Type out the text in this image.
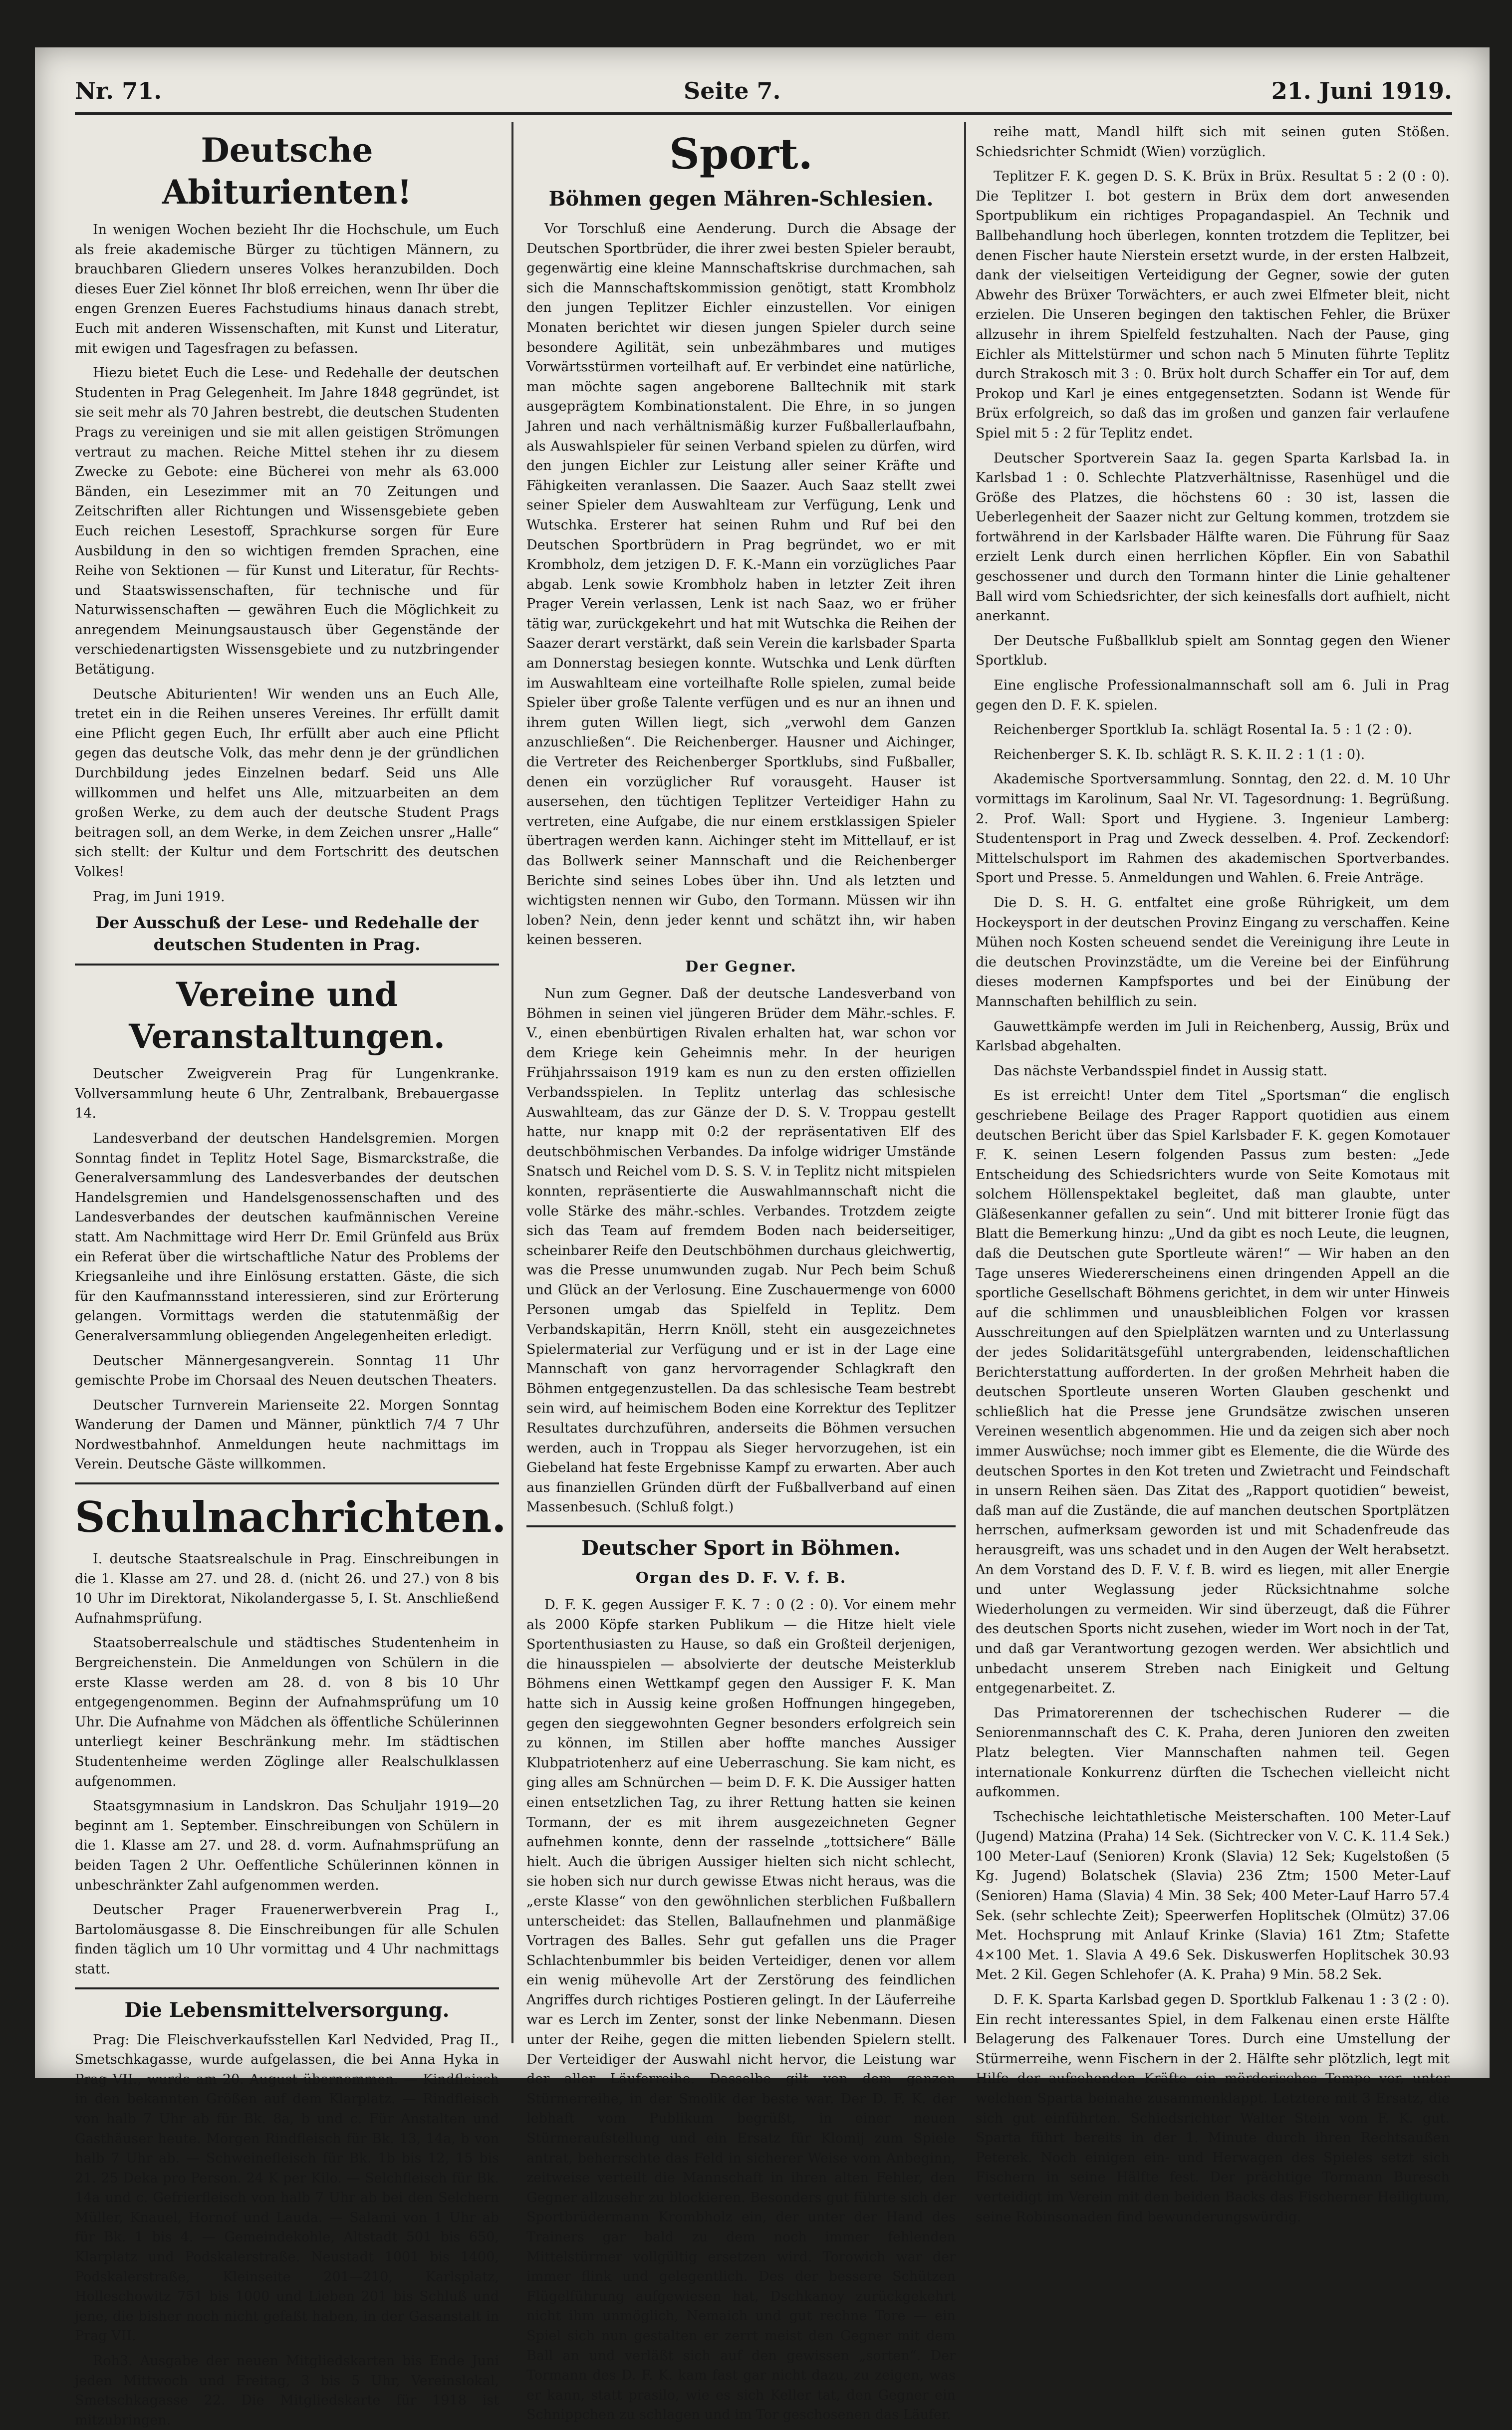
Nr. 71.	Seite 7.	21. Juni 1919.
Deutsche Abiturienten!

In wenigen Wochen bezieht Ihr die Hochschule, um Euch als freie akademische Bürger zu tüchtigen Männern, zu brauchbaren Gliedern unseres Volkes heranzubilden. Doch dieses Euer Ziel könnet Ihr bloß erreichen, wenn Ihr über die engen Grenzen Eueres Fachstudiums hinaus danach strebt, Euch mit anderen Wissenschaften, mit Kunst und Literatur, mit ewigen und Tagesfragen zu befassen.

Hiezu bietet Euch die Lese- und Redehalle der deutschen Studenten in Prag Gelegenheit. Im Jahre 1848 gegründet, ist sie seit mehr als 70 Jahren bestrebt, die deutschen Studenten Prags zu vereinigen und sie mit allen geistigen Strömungen vertraut zu machen. Reiche Mittel stehen ihr zu diesem Zwecke zu Gebote: eine Bücherei von mehr als 63.000 Bänden, ein Lesezimmer mit an 70 Zeitungen und Zeitschriften aller Richtungen und Wissensgebiete geben Euch reichen Lesestoff, Sprachkurse sorgen für Eure Ausbildung in den so wichtigen fremden Sprachen, eine Reihe von Sektionen — für Kunst und Literatur, für Rechts- und Staatswissenschaften, für technische und für Naturwissenschaften — gewähren Euch die Möglichkeit zu anregendem Meinungsaustausch über Gegenstände der verschiedenartigsten Wissensgebiete und zu nutzbringender Betätigung.

Deutsche Abiturienten! Wir wenden uns an Euch Alle, tretet ein in die Reihen unseres Vereines. Ihr erfüllt damit eine Pflicht gegen Euch, Ihr erfüllt aber auch eine Pflicht gegen das deutsche Volk, das mehr denn je der gründlichen Durchbildung jedes Einzelnen bedarf. Seid uns Alle willkommen und helfet uns Alle, mitzuarbeiten an dem großen Werke, zu dem auch der deutsche Student Prags beitragen soll, an dem Werke, in dem Zeichen unsrer „Halle“ sich stellt: der Kultur und dem Fortschritt des deutschen Volkes!

Prag, im Juni 1919.

Der Ausschuß der Lese- und Redehalle der deutschen Studenten in Prag.
Vereine und Veranstaltungen.

Deutscher Zweigverein Prag für Lungenkranke. Vollversammlung heute 6 Uhr, Zentralbank, Brebauergasse 14.

Landesverband der deutschen Handelsgremien. Morgen Sonntag findet in Teplitz Hotel Sage, Bismarckstraße, die Generalversammlung des Landesverbandes der deutschen Handelsgremien und Handelsgenossenschaften und des Landesverbandes der deutschen kaufmännischen Vereine statt. Am Nachmittage wird Herr Dr. Emil Grünfeld aus Brüx ein Referat über die wirtschaftliche Natur des Problems der Kriegsanleihe und ihre Einlösung erstatten. Gäste, die sich für den Kaufmannsstand interessieren, sind zur Erörterung gelangen. Vormittags werden die statutenmäßig der Generalversammlung obliegenden Angelegenheiten erledigt.

Deutscher Männergesangverein. Sonntag 11 Uhr gemischte Probe im Chorsaal des Neuen deutschen Theaters.

Deutscher Turnverein Marienseite 22. Morgen Sonntag Wanderung der Damen und Männer, pünktlich 7/4 7 Uhr Nordwestbahnhof. Anmeldungen heute nachmittags im Verein. Deutsche Gäste willkommen.

Schulnachrichten.

I. deutsche Staatsrealschule in Prag. Einschreibungen in die 1. Klasse am 27. und 28. d. (nicht 26. und 27.) von 8 bis 10 Uhr im Direktorat, Nikolandergasse 5, I. St. Anschließend Aufnahmsprüfung.

Staatsoberrealschule und städtisches Studentenheim in Bergreichenstein. Die Anmeldungen von Schülern in die erste Klasse werden am 28. d. von 8 bis 10 Uhr entgegengenommen. Beginn der Aufnahmsprüfung um 10 Uhr. Die Aufnahme von Mädchen als öffentliche Schülerinnen unterliegt keiner Beschränkung mehr. Im städtischen Studentenheime werden Zöglinge aller Realschulklassen aufgenommen.

Staatsgymnasium in Landskron. Das Schuljahr 1919—20 beginnt am 1. September. Einschreibungen von Schülern in die 1. Klasse am 27. und 28. d. vorm. Aufnahmsprüfung an beiden Tagen 2 Uhr. Oeffentliche Schülerinnen können in unbeschränkter Zahl aufgenommen werden.

Deutscher Prager Frauenerwerbverein Prag I., Bartolomäusgasse 8. Die Einschreibungen für alle Schulen finden täglich um 10 Uhr vormittag und 4 Uhr nachmittags statt.

Die Lebensmittelversorgung.

Prag: Die Fleischverkaufsstellen Karl Nedvided, Prag II., Smetschkagasse, wurde aufgelassen, die bei Anna Hyka in Prag VII., wurde am 20. August übernommen. — Kindfleisch in den bekannten Größen auf dem Klarplatz. — Rindfleisch von halb 7 Uhr ab für Bk. 8a, b und c. Für Anstalten und Gasthäuser heute. Morgen Rindfleisch für Bk. 13, 14a, b von halb 7 Uhr ab. — Schweinefleisch für Bk. 1b bis 12, 15 bis 21. 25 Deka pro Person. 24 K per Kilo. — Selchfleisch für Bk. 14a und c. Gefrierfleisch von halb 7 Uhr ab bei den Selchern Müller, Knauel, Hornof und Lauda. — Salami von 1 Uhr ab für Bk. 1 bis 4. — Gemeindekohle, Altstadt 501 bis 650, Klarplatz und Podskalerstraße. Neustadt 1001 bis 1400, Podskalerstraße, Kleinseite 201—210, Karlsplatz, Holleschowitz 751 bis 1000 und Lieben 201 bis Schluß und jene, die bisher noch nicht gefaßt haben, in der Gasanstalt in Prag VII.

Roh3. Ausgabe der neuen Mitgliedskarten bis Ende Juni jeden Mittwoch und Freitag, 3 bis 5 Uhr, Vereinslokal, Smetschkagasse 22. Die Mitgliedskarte für 1918 ist mitzubringen.

Sport.
Böhmen gegen Mähren-Schlesien.

Vor Torschluß eine Aenderung. Durch die Absage der Deutschen Sportbrüder, die ihrer zwei besten Spieler beraubt, gegenwärtig eine kleine Mannschaftskrise durchmachen, sah sich die Mannschaftskommission genötigt, statt Krombholz den jungen Teplitzer Eichler einzustellen. Vor einigen Monaten berichtet wir diesen jungen Spieler durch seine besondere Agilität, sein unbezähmbares und mutiges Vorwärtsstürmen vorteilhaft auf. Er verbindet eine natürliche, man möchte sagen angeborene Balltechnik mit stark ausgeprägtem Kombinationstalent. Die Ehre, in so jungen Jahren und nach verhältnismäßig kurzer Fußballerlaufbahn, als Auswahlspieler für seinen Verband spielen zu dürfen, wird den jungen Eichler zur Leistung aller seiner Kräfte und Fähigkeiten veranlassen. Die Saazer. Auch Saaz stellt zwei seiner Spieler dem Auswahlteam zur Verfügung, Lenk und Wutschka. Ersterer hat seinen Ruhm und Ruf bei den Deutschen Sportbrüdern in Prag begründet, wo er mit Krombholz, dem jetzigen D. F. K.-Mann ein vorzügliches Paar abgab. Lenk sowie Krombholz haben in letzter Zeit ihren Prager Verein verlassen, Lenk ist nach Saaz, wo er früher tätig war, zurückgekehrt und hat mit Wutschka die Reihen der Saazer derart verstärkt, daß sein Verein die karlsbader Sparta am Donnerstag besiegen konnte. Wutschka und Lenk dürften im Auswahlteam eine vorteilhafte Rolle spielen, zumal beide Spieler über große Talente verfügen und es nur an ihnen und ihrem guten Willen liegt, sich „verwohl dem Ganzen anzuschließen“. Die Reichenberger. Hausner und Aichinger, die Vertreter des Reichenberger Sportklubs, sind Fußballer, denen ein vorzüglicher Ruf vorausgeht. Hauser ist ausersehen, den tüchtigen Teplitzer Verteidiger Hahn zu vertreten, eine Aufgabe, die nur einem erstklassigen Spieler übertragen werden kann. Aichinger steht im Mittellauf, er ist das Bollwerk seiner Mannschaft und die Reichenberger Berichte sind seines Lobes über ihn. Und als letzten und wichtigsten nennen wir Gubo, den Tormann. Müssen wir ihn loben? Nein, denn jeder kennt und schätzt ihn, wir haben keinen besseren.

Der Gegner.

Nun zum Gegner. Daß der deutsche Landesverband von Böhmen in seinen viel jüngeren Brüder dem Mähr.-schles. F. V., einen ebenbürtigen Rivalen erhalten hat, war schon vor dem Kriege kein Geheimnis mehr. In der heurigen Frühjahrssaison 1919 kam es nun zu den ersten offiziellen Verbandsspielen. In Teplitz unterlag das schlesische Auswahlteam, das zur Gänze der D. S. V. Troppau gestellt hatte, nur knapp mit 0:2 der repräsentativen Elf des deutschböhmischen Verbandes. Da infolge widriger Umstände Snatsch und Reichel vom D. S. S. V. in Teplitz nicht mitspielen konnten, repräsentierte die Auswahlmannschaft nicht die volle Stärke des mähr.-schles. Verbandes. Trotzdem zeigte sich das Team auf fremdem Boden nach beiderseitiger, scheinbarer Reife den Deutschböhmen durchaus gleichwertig, was die Presse unumwunden zugab. Nur Pech beim Schuß und Glück an der Verlosung. Eine Zuschauermenge von 6000 Personen umgab das Spielfeld in Teplitz. Dem Verbandskapitän, Herrn Knöll, steht ein ausgezeichnetes Spielermaterial zur Verfügung und er ist in der Lage eine Mannschaft von ganz hervorragender Schlagkraft den Böhmen entgegenzustellen. Da das schlesische Team bestrebt sein wird, auf heimischem Boden eine Korrektur des Teplitzer Resultates durchzuführen, anderseits die Böhmen versuchen werden, auch in Troppau als Sieger hervorzugehen, ist ein Giebeland hat feste Ergebnisse Kampf zu erwarten. Aber auch aus finanziellen Gründen dürft der Fußballverband auf einen Massenbesuch. (Schluß folgt.)

Deutscher Sport in Böhmen.
Organ des D. F. V. f. B.

D. F. K. gegen Aussiger F. K. 7 : 0 (2 : 0). Vor einem mehr als 2000 Köpfe starken Publikum — die Hitze hielt viele Sportenthusiasten zu Hause, so daß ein Großteil derjenigen, die hinausspielen — absolvierte der deutsche Meisterklub Böhmens einen Wettkampf gegen den Aussiger F. K. Man hatte sich in Aussig keine großen Hoffnungen hingegeben, gegen den sieggewohnten Gegner besonders erfolgreich sein zu können, im Stillen aber hoffte manches Aussiger Klubpatriotenherz auf eine Ueberraschung. Sie kam nicht, es ging alles am Schnürchen — beim D. F. K. Die Aussiger hatten einen entsetzlichen Tag, zu ihrer Rettung hatten sie keinen Tormann, der es mit ihrem ausgezeichneten Gegner aufnehmen konnte, denn der rasselnde „tottsichere“ Bälle hielt. Auch die übrigen Aussiger hielten sich nicht schlecht, sie hoben sich nur durch gewisse Etwas nicht heraus, was die „erste Klasse“ von den gewöhnlichen sterblichen Fußballern unterscheidet: das Stellen, Ballaufnehmen und planmäßige Vortragen des Balles. Sehr gut gefallen uns die Prager Schlachtenbummler bis beiden Verteidiger, denen vor allem ein wenig mühevolle Art der Zerstörung des feindlichen Angriffes durch richtiges Postieren gelingt. In der Läuferreihe war es Lerch im Zenter, sonst der linke Nebenmann. Diesen unter der Reihe, gegen die mitten liebenden Spielern stellt. Der Verteidiger der Auswahl nicht hervor, die Leistung war der aller Läuferreihe. Dasselbe gilt von dem ganzen Stürmerreihe, in der Smolik der beste war. Der D. F. K. der lebhaft vom Publikum begrüßt, in einer neuen Stürmeraufstellung und ein Ersatz für Klomij zum Spiele antrat, beherrschte das Feld in sicherer Weise vom Anbeginn, zeitweise verteilt die Mannschaft in ihren alten Fehler, den Gegner allzusehr zu blockieren. Besonders gut führte sich der Sportbrüdermann Krombholz ein, der unter der Hand des Trainers gar bald zu dem noch immer fehlenden Mittelstürmer vollgültig ersetzen wird. Torowich war der immer flink und gelegentlich. Des der bessere Schützen Flügelführung aufgewiesen hat, Dschkanoy zurückgekehrt nicht ihm unmöglich, Nemaich und gut rechne Tore — ein Spiel sich nun gestalten er zerrt meist den Gegner mit dem Ball an und verläßt sich auf den gewissen „sorten“. Der Tormann des D. F. K. kam fast gar nicht dazu, zu zeigen, was er kann, statt prasilo, wie es sich Keller tat, den Gegner ein Schnippchen zu schlagen und im Tor geschosenen das Läufer.

reihe matt, Mandl hilft sich mit seinen guten Stößen. Schiedsrichter Schmidt (Wien) vorzüglich.

Teplitzer F. K. gegen D. S. K. Brüx in Brüx. Resultat 5 : 2 (0 : 0). Die Teplitzer I. bot gestern in Brüx dem dort anwesenden Sportpublikum ein richtiges Propagandaspiel. An Technik und Ballbehandlung hoch überlegen, konnten trotzdem die Teplitzer, bei denen Fischer haute Nierstein ersetzt wurde, in der ersten Halbzeit, dank der vielseitigen Verteidigung der Gegner, sowie der guten Abwehr des Brüxer Torwächters, er auch zwei Elfmeter bleit, nicht erzielen. Die Unseren begingen den taktischen Fehler, die Brüxer allzusehr in ihrem Spielfeld festzuhalten. Nach der Pause, ging Eichler als Mittelstürmer und schon nach 5 Minuten führte Teplitz durch Strakosch mit 3 : 0. Brüx holt durch Schaffer ein Tor auf, dem Prokop und Karl je eines entgegensetzten. Sodann ist Wende für Brüx erfolgreich, so daß das im großen und ganzen fair verlaufene Spiel mit 5 : 2 für Teplitz endet.

Deutscher Sportverein Saaz Ia. gegen Sparta Karlsbad Ia. in Karlsbad 1 : 0. Schlechte Platzverhältnisse, Rasenhügel und die Größe des Platzes, die höchstens 60 : 30 ist, lassen die Ueberlegenheit der Saazer nicht zur Geltung kommen, trotzdem sie fortwährend in der Karlsbader Hälfte waren. Die Führung für Saaz erzielt Lenk durch einen herrlichen Köpfler. Ein von Sabathil geschossener und durch den Tormann hinter die Linie gehaltener Ball wird vom Schiedsrichter, der sich keinesfalls dort aufhielt, nicht anerkannt.

Der Deutsche Fußballklub spielt am Sonntag gegen den Wiener Sportklub.

Eine englische Professionalmannschaft soll am 6. Juli in Prag gegen den D. F. K. spielen.

Reichenberger Sportklub Ia. schlägt Rosental Ia. 5 : 1 (2 : 0).

Reichenberger S. K. Ib. schlägt R. S. K. II. 2 : 1 (1 : 0).

Akademische Sportversammlung. Sonntag, den 22. d. M. 10 Uhr vormittags im Karolinum, Saal Nr. VI. Tagesordnung: 1. Begrüßung. 2. Prof. Wall: Sport und Hygiene. 3. Ingenieur Lamberg: Studentensport in Prag und Zweck desselben. 4. Prof. Zeckendorf: Mittelschulsport im Rahmen des akademischen Sportverbandes. Sport und Presse. 5. Anmeldungen und Wahlen. 6. Freie Anträge.

Die D. S. H. G. entfaltet eine große Rührigkeit, um dem Hockeysport in der deutschen Provinz Eingang zu verschaffen. Keine Mühen noch Kosten scheuend sendet die Vereinigung ihre Leute in die deutschen Provinzstädte, um die Vereine bei der Einführung dieses modernen Kampfsportes und bei der Einübung der Mannschaften behilflich zu sein.

Gauwettkämpfe werden im Juli in Reichenberg, Aussig, Brüx und Karlsbad abgehalten.

Das nächste Verbandsspiel findet in Aussig statt.

Es ist erreicht! Unter dem Titel „Sportsman“ die englisch geschriebene Beilage des Prager Rapport quotidien aus einem deutschen Bericht über das Spiel Karlsbader F. K. gegen Komotauer F. K. seinen Lesern folgenden Passus zum besten: „Jede Entscheidung des Schiedsrichters wurde von Seite Komotaus mit solchem Höllenspektakel begleitet, daß man glaubte, unter Gläßesenkanner gefallen zu sein“. Und mit bitterer Ironie fügt das Blatt die Bemerkung hinzu: „Und da gibt es noch Leute, die leugnen, daß die Deutschen gute Sportleute wären!“ — Wir haben an den Tage unseres Wiedererscheinens einen dringenden Appell an die sportliche Gesellschaft Böhmens gerichtet, in dem wir unter Hinweis auf die schlimmen und unausbleiblichen Folgen vor krassen Ausschreitungen auf den Spielplätzen warnten und zu Unterlassung der jedes Solidaritätsgefühl untergrabenden, leidenschaftlichen Berichterstattung aufforderten. In der großen Mehrheit haben die deutschen Sportleute unseren Worten Glauben geschenkt und schließlich hat die Presse jene Grundsätze zwischen unseren Vereinen wesentlich abgenommen. Hie und da zeigen sich aber noch immer Auswüchse; noch immer gibt es Elemente, die die Würde des deutschen Sportes in den Kot treten und Zwietracht und Feindschaft in unsern Reihen säen. Das Zitat des „Rapport quotidien“ beweist, daß man auf die Zustände, die auf manchen deutschen Sportplätzen herrschen, aufmerksam geworden ist und mit Schadenfreude das herausgreift, was uns schadet und in den Augen der Welt herabsetzt. An dem Vorstand des D. F. V. f. B. wird es liegen, mit aller Energie und unter Weglassung jeder Rücksichtnahme solche Wiederholungen zu vermeiden. Wir sind überzeugt, daß die Führer des deutschen Sports nicht zusehen, wieder im Wort noch in der Tat, und daß gar Verantwortung gezogen werden. Wer absichtlich und unbedacht unserem Streben nach Einigkeit und Geltung entgegenarbeitet. Z.

Das Primatorerennen der tschechischen Ruderer — die Seniorenmannschaft des C. K. Praha, deren Junioren den zweiten Platz belegten. Vier Mannschaften nahmen teil. Gegen internationale Konkurrenz dürften die Tschechen vielleicht nicht aufkommen.

Tschechische leichtathletische Meisterschaften. 100 Meter-Lauf (Jugend) Matzina (Praha) 14 Sek. (Sichtrecker von V. C. K. 11.4 Sek.) 100 Meter-Lauf (Senioren) Kronk (Slavia) 12 Sek; Kugelstoßen (5 Kg. Jugend) Bolatschek (Slavia) 236 Ztm; 1500 Meter-Lauf (Senioren) Hama (Slavia) 4 Min. 38 Sek; 400 Meter-Lauf Harro 57.4 Sek. (sehr schlechte Zeit); Speerwerfen Hoplitschek (Olmütz) 37.06 Met. Hochsprung mit Anlauf Krinke (Slavia) 161 Ztm; Stafette 4×100 Met. 1. Slavia A 49.6 Sek. Diskuswerfen Hoplitschek 30.93 Met. 2 Kil. Gegen Schlehofer (A. K. Praha) 9 Min. 58.2 Sek.

D. F. K. Sparta Karlsbad gegen D. Sportklub Falkenau 1 : 3 (2 : 0). Ein recht interessantes Spiel, in dem Falkenau einen erste Hälfte Belagerung des Falkenauer Tores. Durch eine Umstellung der Stürmerreihe, wenn Fischern in der 2. Hälfte sehr plötzlich, legt mit Hilfe der aufsehenden Kräfte ein mörderisches Tempo vor, unter welchen Sparta beinahe zusammenklappt. Letztere mit 3 Ersatz, die sich gut einführten. Schiedsrichter Walter Stein vom F. K. gut. Sparta führt bereits in der 1. Minute durch ihren Rechtsaußen Peterek. Noch einigen ein- und Herwagen des Spieles setzt sich Fischern in seine Hälfte fest. Der prächtige Tormann Buresch verteidigt im Verein mit den beiden Backs das Fischerner Heiligtum, seine Robinsonaden find bewunderungswürdig.
